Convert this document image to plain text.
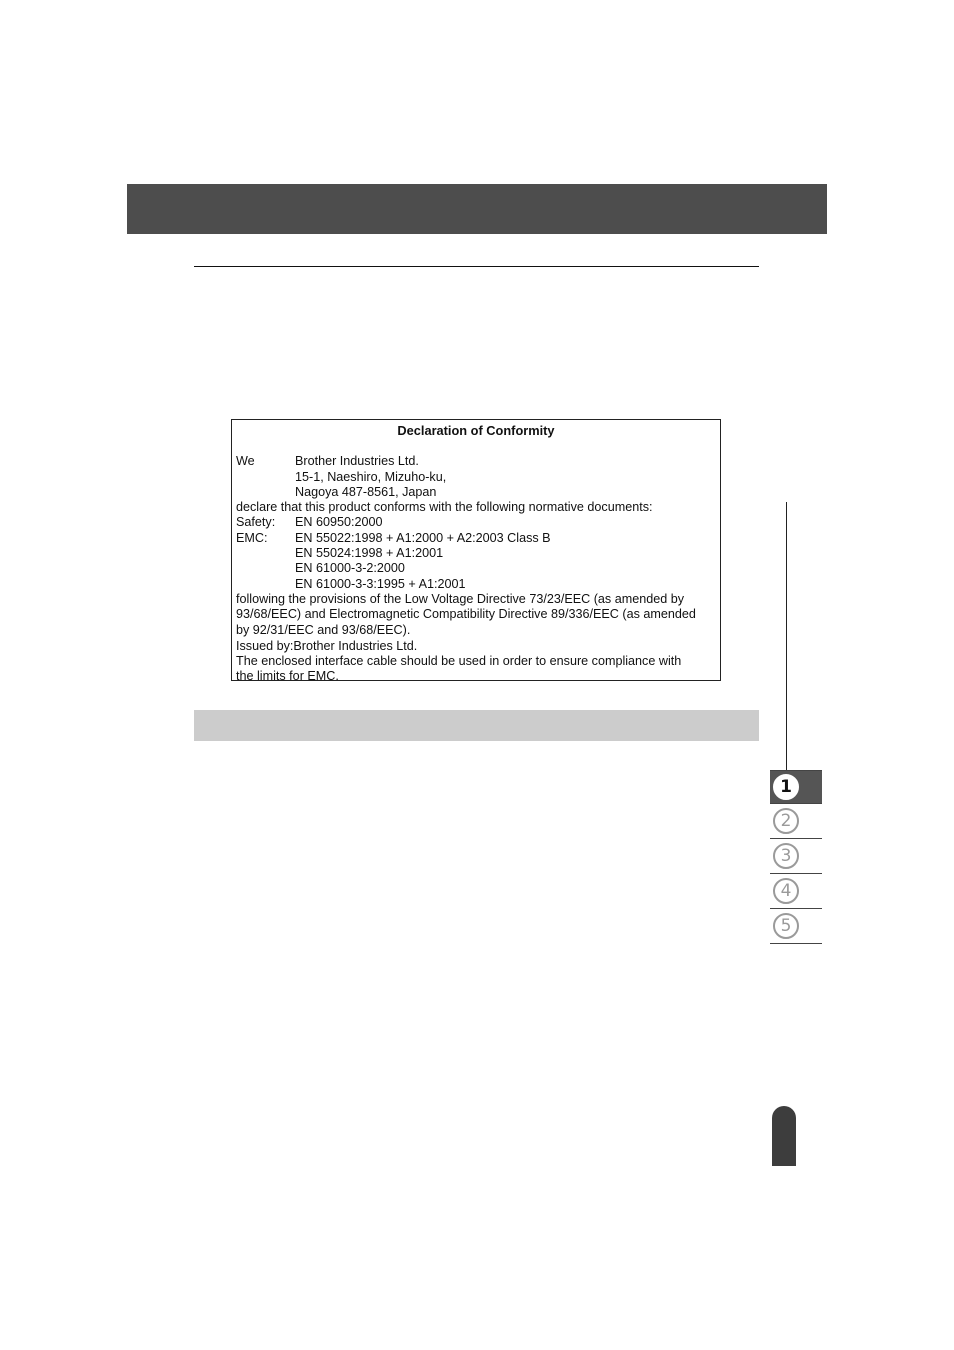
Declaration of Conformity
We	Brother Industries Ltd.
15-1, Naeshiro, Mizuho-ku,
Nagoya 487-8561, Japan
declare that this product conforms with the following normative documents:
Safety:	EN 60950:2000
EMC:	EN 55022:1998 + A1:2000 + A2:2003 Class B
EN 55024:1998 + A1:2001
EN 61000-3-2:2000
EN 61000-3-3:1995 + A1:2001
following the provisions of the Low Voltage Directive 73/23/EEC (as amended by
93/68/EEC) and Electromagnetic Compatibility Directive 89/336/EEC (as amended
by 92/31/EEC and 93/68/EEC).
Issued by:Brother Industries Ltd.
The enclosed interface cable should be used in order to ensure compliance with
the limits for EMC.
1
2
3
4
5
